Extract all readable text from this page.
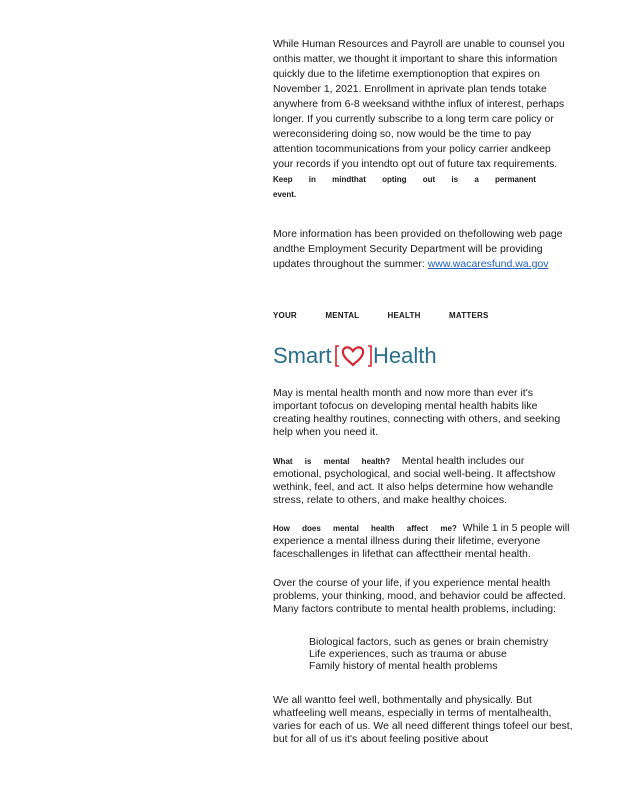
While Human Resources and Payroll are unable to counsel you onthis matter, we thought it important to share this information quickly due to the lifetime exemptionoption that expires on November 1, 2021. Enrollment in aprivate plan tends totake anywhere from 6-8 weeksand withthe influx of interest, perhaps longer. If you currently subscribe to a long term care policy or wereconsidering doing so, now would be the time to pay attention tocommunications from your policy carrier andkeep your records if you intendto opt out of future tax requirements. Keep in mindthat opting out is a permanent event.

More information has been provided on thefollowing web page andthe Employment Security Department will be providing updates throughout the summer: www.wacaresfund.wa.gov

YOUR MENTAL HEALTH MATTERS
Smart Health

May is mental health month and now more than ever it's important tofocus on developing mental health habits like creating healthy routines, connecting with others, and seeking help when you need it.

What is mental health? Mental health includes our emotional, psychological, and social well-being. It affectshow wethink, feel, and act. It also helps determine how wehandle stress, relate to others, and make healthy choices.

How does mental health affect me? While 1 in 5 people will experience a mental illness during their lifetime, everyone faceschallenges in lifethat can affecttheir mental health.

Over the course of your life, if you experience mental health problems, your thinking, mood, and behavior could be affected. Many factors contribute to mental health problems, including:

Biological factors, such as genes or brain chemistry
Life experiences, such as trauma or abuse
Family history of mental health problems

We all wantto feel well, bothmentally and physically. But whatfeeling well means, especially in terms of mentalhealth, varies for each of us. We all need different things tofeel our best, but for all of us it's about feeling positive about
